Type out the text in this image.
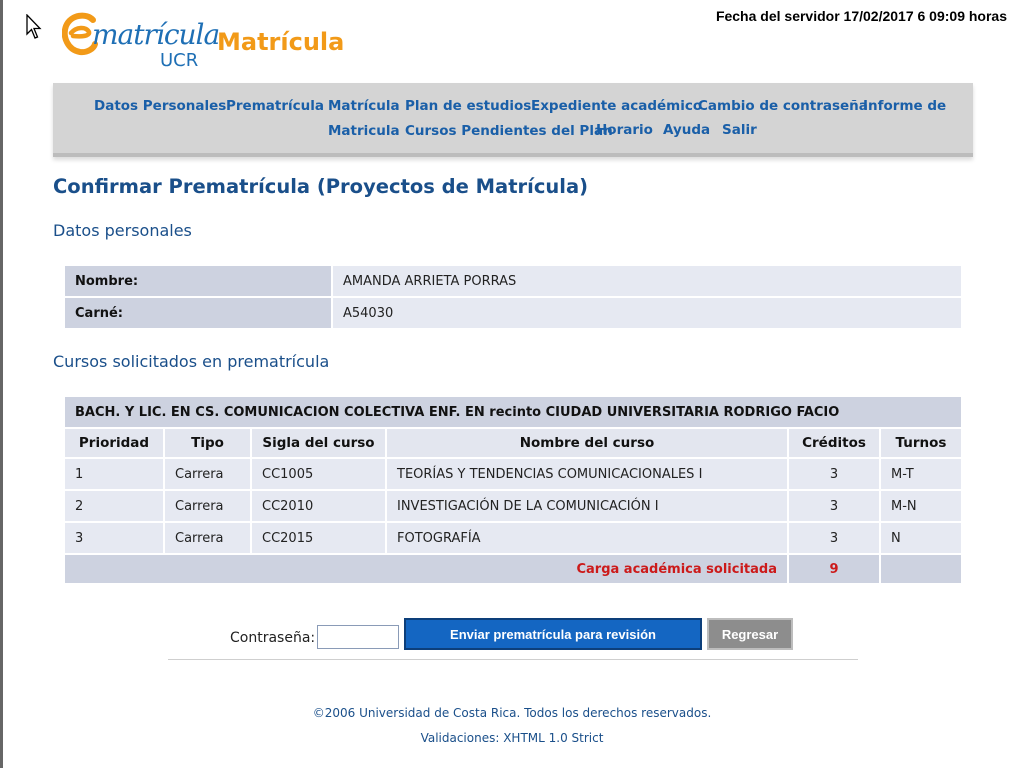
matrícula
UCR
Matrícula
Fecha del servidor 17/02/2017 6 09:09 horas
Datos Personales Prematrícula Matrícula Plan de estudios Expediente académico
Cambio de contraseña
Informe de
Matricula Cursos Pendientes del Plan
Horario Ayuda Salir
Confirmar Prematrícula (Proyectos de Matrícula)
Datos personales
Nombre:	AMANDA ARRIETA PORRAS
Carné:	A54030
Cursos solicitados en prematrícula
BACH. Y LIC. EN CS. COMUNICACION COLECTIVA ENF. EN recinto CIUDAD UNIVERSITARIA RODRIGO FACIO					
Prioridad	Tipo	Sigla del curso	Nombre del curso	Créditos	Turnos
1	Carrera	CC1005	TEORÍAS Y TENDENCIAS COMUNICACIONALES I	3	M-T
2	Carrera	CC2010	INVESTIGACIÓN DE LA COMUNICACIÓN I	3	M-N
3	Carrera	CC2015	FOTOGRAFÍA	3	N
Carga académica solicitada				9	
Contraseña:	Enviar prematrícula para revisión	Regresar
©2006 Universidad de Costa Rica. Todos los derechos reservados.
Validaciones: XHTML 1.0 Strict
